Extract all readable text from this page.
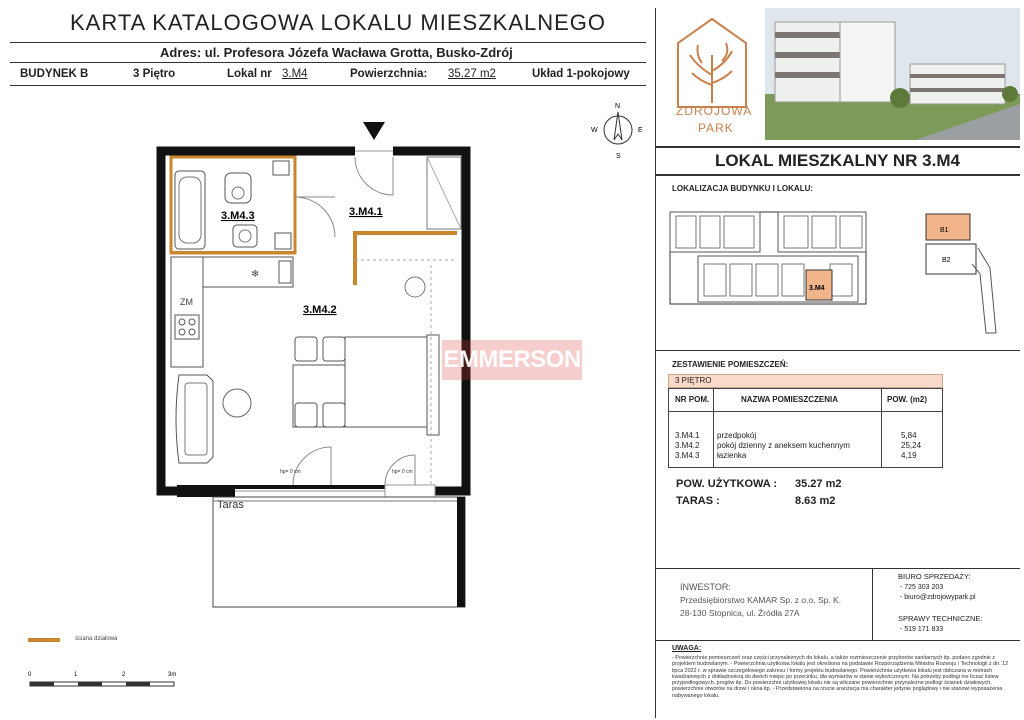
KARTA KATALOGOWA LOKALU MIESZKALNEGO
Adres: ul. Profesora Józefa Wacława Grotta, Busko-Zdrój
BUDYNEK B	3 Piętro	Lokal nr 3.M4	Powierzchnia: 35.27 m2	Układ 1-pokojowy
N
E
S
W
❄
3.M4.3	3.M4.1
3.M4.2
ZM
hp= 0 cm	hp= 0 cm
Taras
EMMERSON
ZDROJOWA
PARK
LOKAL MIESZKALNY NR 3.M4
LOKALIZACJA BUDYNKU I LOKALU:
3.M4
B1
B2
ZESTAWIENIE POMIESZCZEŃ:
3 PIĘTRO
NR POM.	NAZWA POMIESZCZENIA	POW. (m2)
3.M4.1 przedpokój	5,84
3.M4.2 pokój dzienny z aneksem kuchennym	25,24
3.M4.3 łazienka	4,19
POW. UŻYTKOWA : 35.27 m2
TARAS :	8.63 m2
INWESTOR:
Przedsiębiorstwo KAMAR Sp. z o.o. Sp. K.
28-130 Stopnica, ul. Źródła 27A
BIURO SPRZEDAŻY:
- 725 303 203
- biuro@zdrojowypark.pl
SPRAWY TECHNICZNE:
- 519 171 833
UWAGA:
- Powierzchnie pomieszczeń oraz części przynależnych do lokalu, a także rozmieszczenie przyborów sanitarnych itp. podano zgodnie z projektem budowlanym. - Powierzchnia użytkowa lokalu jest określona na podstawie Rozporządzenia Ministra Rozwoju i Technologii z dn. 12 lipca 2022 r. w sprawie szczegółowego zakresu i formy projektu budowlanego. Powierzchnia użytkowa lokalu jest obliczana w metrach kwadratowych z dokładnością do dwóch miejsc po przecinku, dla wymiarów w stanie wykończonym. Na potrzeby podłogi nie liczać listew przypodłogowych, progów itp. Do powierzchni użytkowej lokalu nie są wliczane powierzchnie przynależne podłogi ścianek działowych, powierzchnie otworów na drzwi i okna itp. - Przedstawiona na rzucie aranżacja ma charakter jedynie poglądowy i nie stanowi wyposażenia nabywanego lokalu.
ściana działowa
0	1	2	3m
